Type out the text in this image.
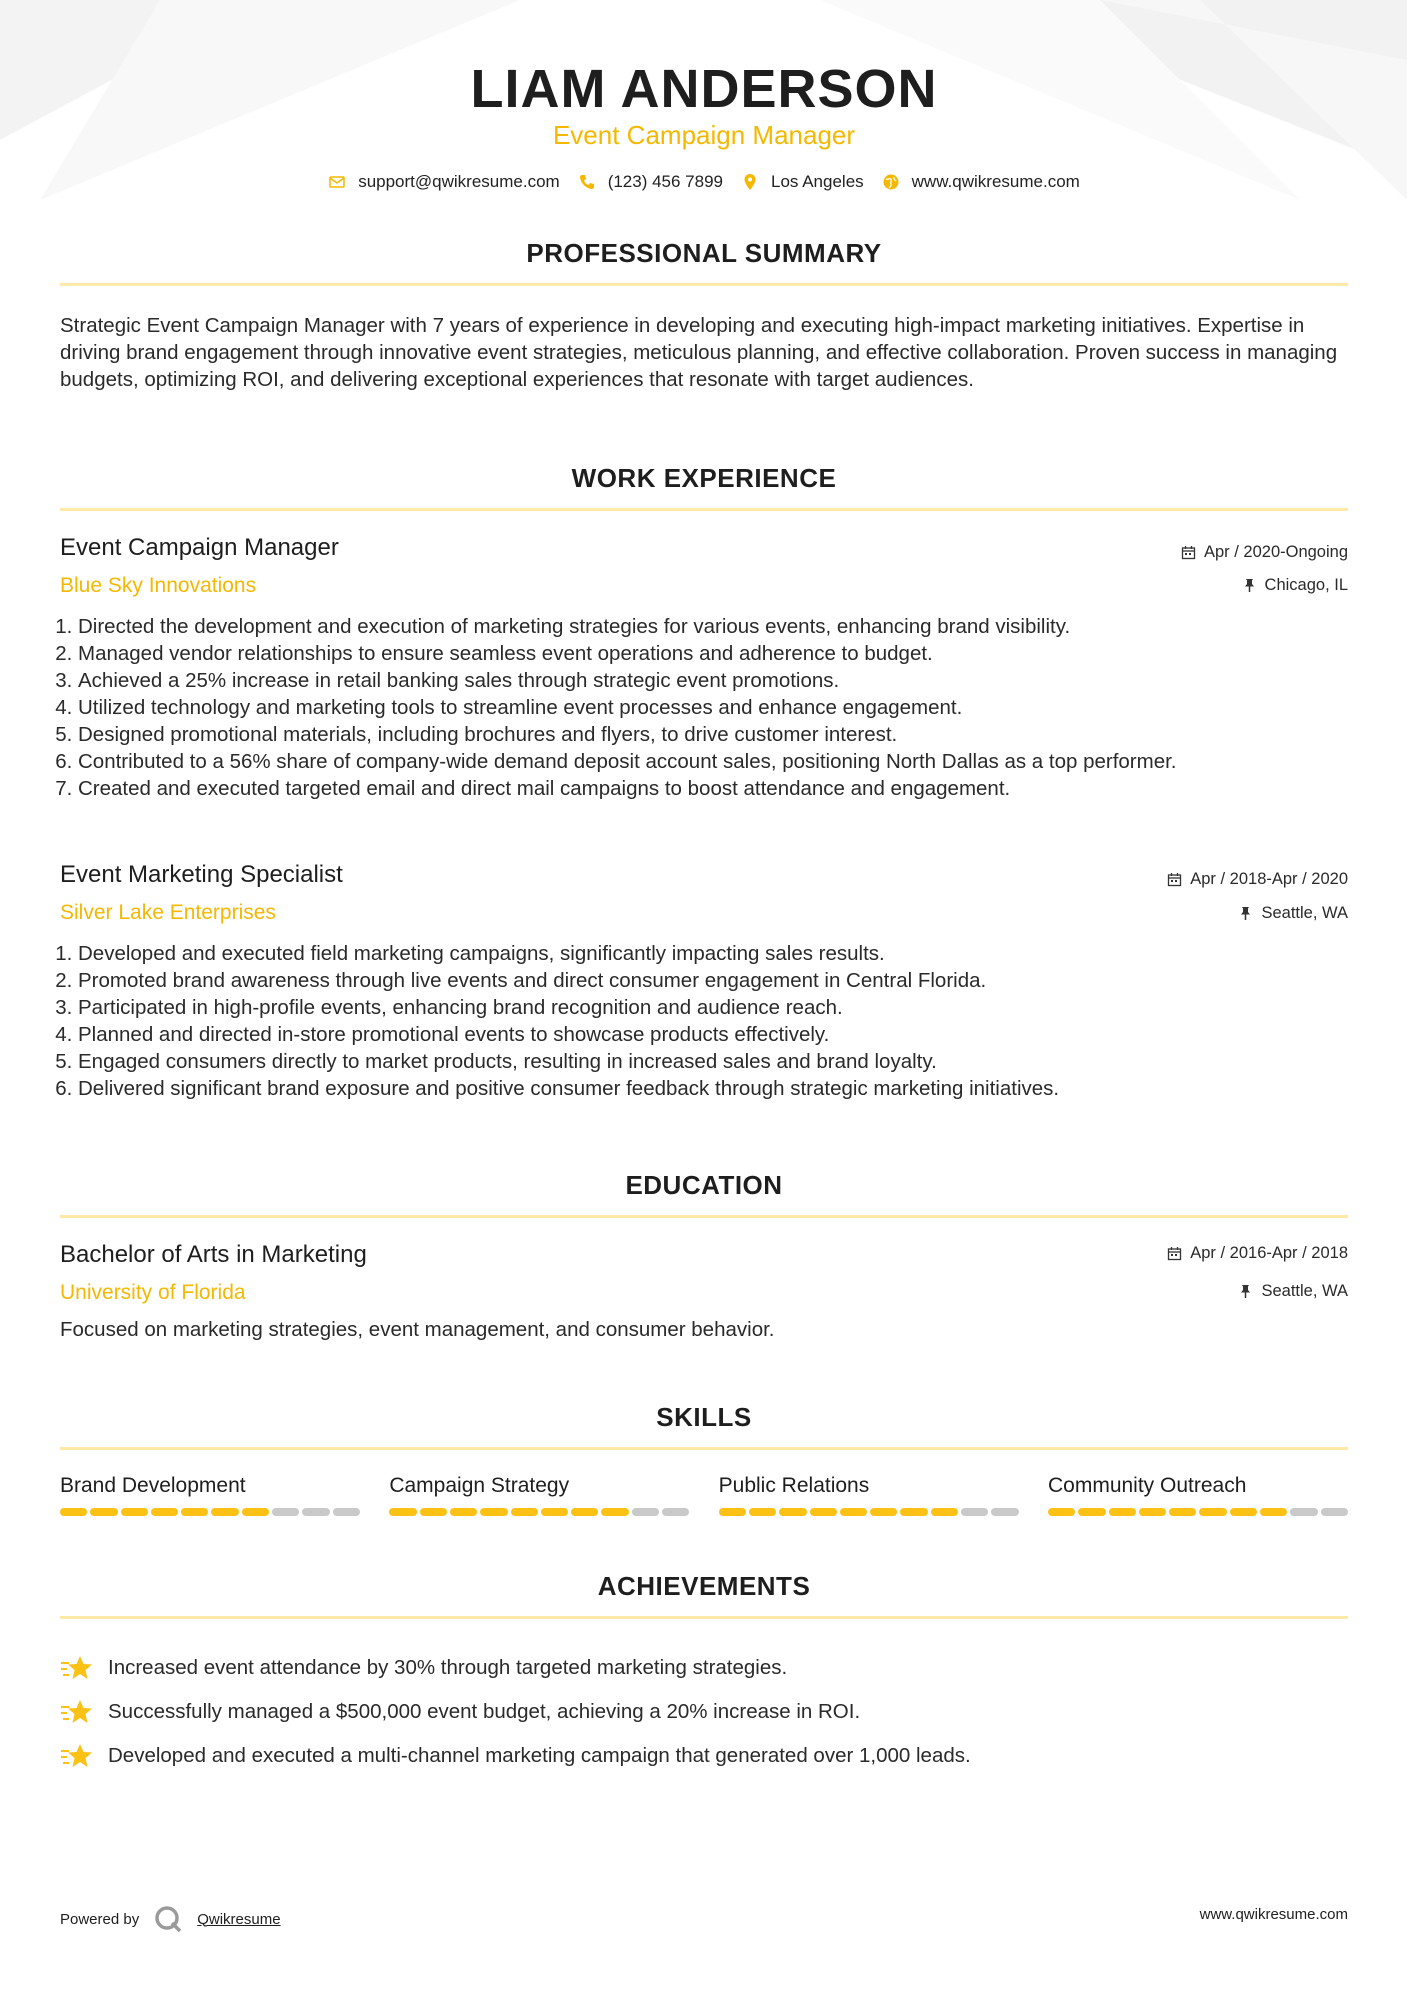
LIAM ANDERSON
Event Campaign Manager
support@qwikresume.com	(123) 456 7899	Los Angeles	www.qwikresume.com
PROFESSIONAL SUMMARY
Strategic Event Campaign Manager with 7 years of experience in developing and executing high-impact marketing initiatives. Expertise in driving brand engagement through innovative event strategies, meticulous planning, and effective collaboration. Proven success in managing budgets, optimizing ROI, and delivering exceptional experiences that resonate with target audiences.
WORK EXPERIENCE
Event Campaign Manager
Blue Sky Innovations
Apr / 2020-Ongoing
Chicago, IL
1. Directed the development and execution of marketing strategies for various events, enhancing brand visibility.
2. Managed vendor relationships to ensure seamless event operations and adherence to budget.
3. Achieved a 25% increase in retail banking sales through strategic event promotions.
4. Utilized technology and marketing tools to streamline event processes and enhance engagement.
5. Designed promotional materials, including brochures and flyers, to drive customer interest.
6. Contributed to a 56% share of company-wide demand deposit account sales, positioning North Dallas as a top performer.
7. Created and executed targeted email and direct mail campaigns to boost attendance and engagement.
Event Marketing Specialist
Silver Lake Enterprises
Apr / 2018-Apr / 2020
Seattle, WA
1. Developed and executed field marketing campaigns, significantly impacting sales results.
2. Promoted brand awareness through live events and direct consumer engagement in Central Florida.
3. Participated in high-profile events, enhancing brand recognition and audience reach.
4. Planned and directed in-store promotional events to showcase products effectively.
5. Engaged consumers directly to market products, resulting in increased sales and brand loyalty.
6. Delivered significant brand exposure and positive consumer feedback through strategic marketing initiatives.
EDUCATION
Bachelor of Arts in Marketing
University of Florida
Apr / 2016-Apr / 2018
Seattle, WA
Focused on marketing strategies, event management, and consumer behavior.
SKILLS
Brand Development	Campaign Strategy	Public Relations	Community Outreach
ACHIEVEMENTS
Increased event attendance by 30% through targeted marketing strategies.
Successfully managed a $500,000 event budget, achieving a 20% increase in ROI.
Developed and executed a multi-channel marketing campaign that generated over 1,000 leads.
Powered by	Qwikresume	www.qwikresume.com
